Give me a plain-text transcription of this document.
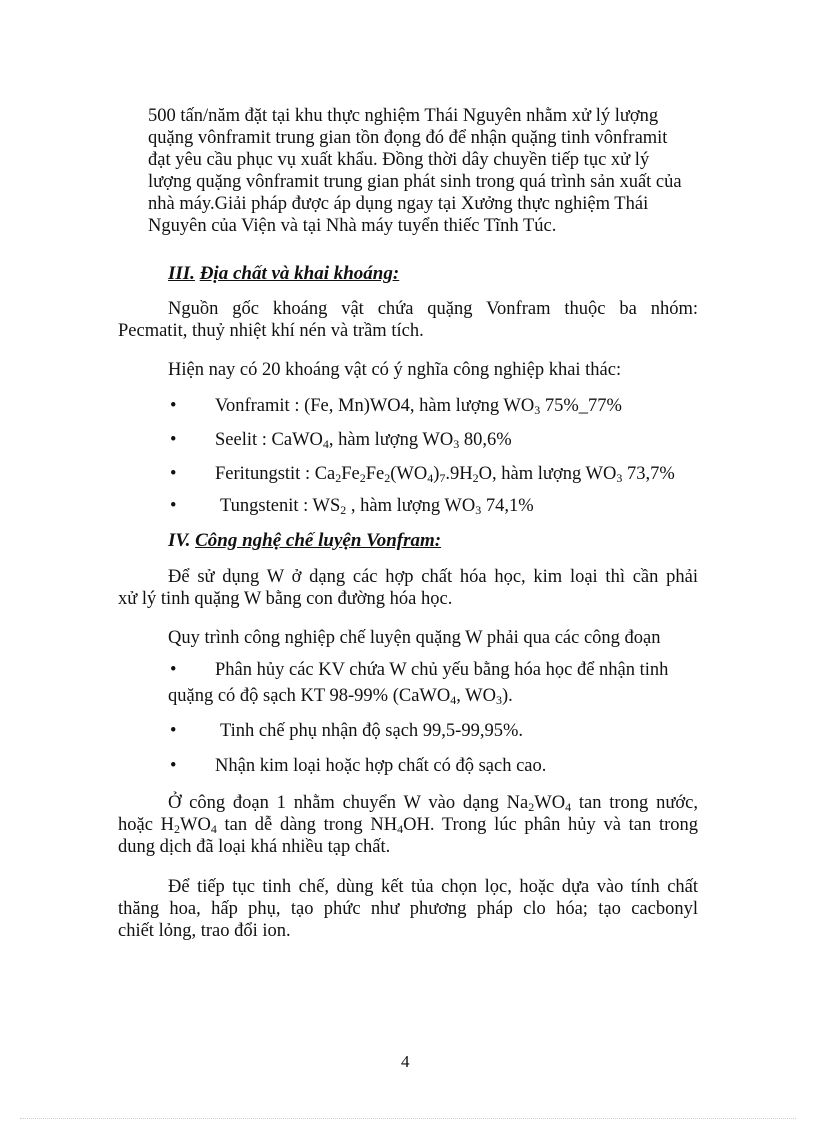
500 tấn/năm đặt tại khu thực nghiệm Thái Nguyên nhằm xử lý lượng
quặng vônframit trung gian tồn đọng đó để nhận quặng tinh vônframit
đạt yêu cầu phục vụ xuất khẩu. Đồng thời dây chuyền tiếp tục xử lý
lượng quặng vônframit trung gian phát sinh trong quá trình sản xuất của
nhà máy.Giải pháp được áp dụng ngay tại Xưởng thực nghiệm Thái
Nguyên của Viện và tại Nhà máy tuyển thiếc Tĩnh Túc.
III. Địa chất và khai khoáng:
Nguồn gốc khoáng vật chứa quặng Vonfram thuộc ba nhóm:
Pecmatit, thuỷ nhiệt khí nén và trầm tích.
Hiện nay có 20 khoáng vật có ý nghĩa công nghiệp khai thác:
• Vonframit : (Fe, Mn)WO4, hàm lượng $WO_3$ 75%_77%
• Seelit : CaWO$_4$, hàm lượng $WO_3$ 80,6%
• Feritungstit : $Ca_2Fe_2Fe_2(WO_4)_7.9H_2O$, hàm lượng $WO_3$ 73,7%
• Tungstenit : $WS_2$ , hàm lượng $WO_3$ 74,1%
IV. Công nghệ chế luyện Vonfram:
Để sử dụng W ở dạng các hợp chất hóa học, kim loại thì cần phải
xử lý tinh quặng W bằng con đường hóa học.
Quy trình công nghiệp chế luyện quặng W phải qua các công đoạn
• Phân hủy các KV chứa W chủ yếu bằng hóa học để nhận tinh
quặng có độ sạch KT 98-99% (CaWO$_4$, $WO_3$).
• Tinh chế phụ nhận độ sạch 99,5-99,95%.
• Nhận kim loại hoặc hợp chất có độ sạch cao.
Ở công đoạn 1 nhằm chuyển W vào dạng $Na_2WO_4$ tan trong nước,
hoặc $H_2WO_4$ tan dễ dàng trong $NH_4OH$. Trong lúc phân hủy và tan trong
dung dịch đã loại khá nhiều tạp chất.
Để tiếp tục tinh chế, dùng kết tủa chọn lọc, hoặc dựa vào tính chất
thăng hoa, hấp phụ, tạo phức như phương pháp clo hóa; tạo cacbonyl
chiết lỏng, trao đổi ion.
4
